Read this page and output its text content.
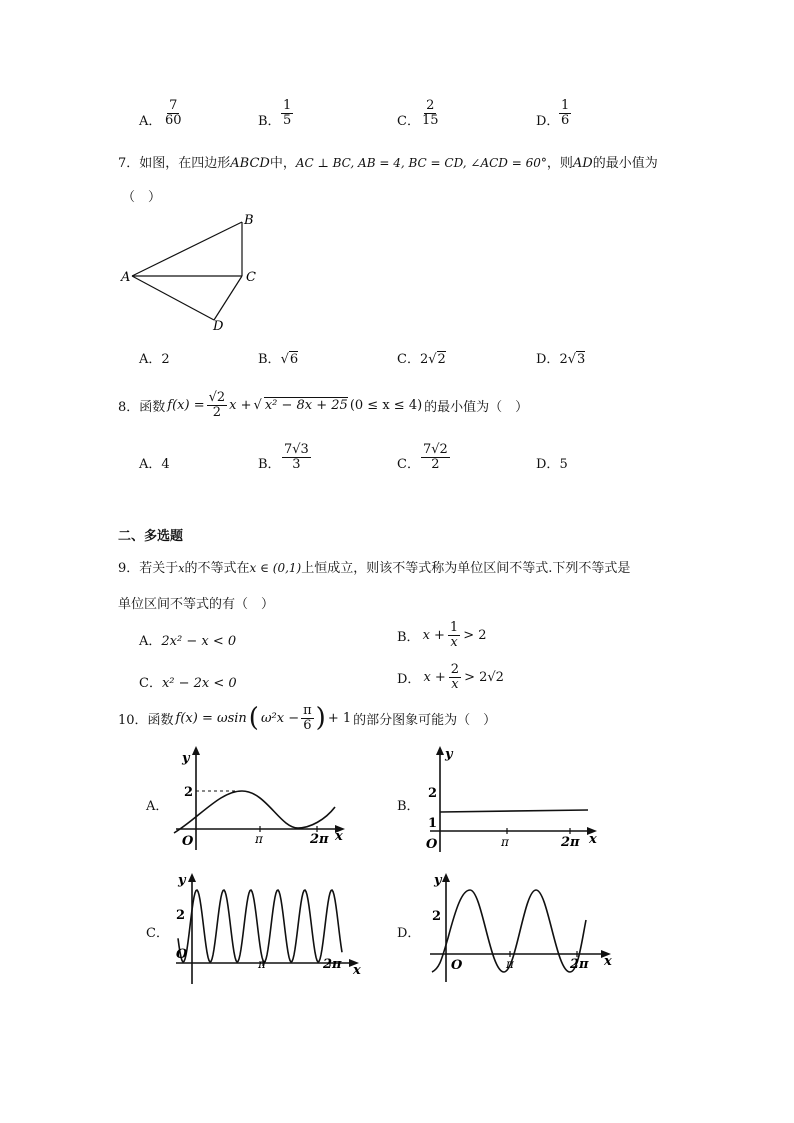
A． $\frac{7}{60}$	B． $\frac{1}{5}$	C． $\frac{2}{15}$	D． $\frac{1}{6}$
7．如图，在四边形ABCD中，AC ⊥ BC, AB = 4, BC = CD, ∠ACD = 60°，则AD的最小值为
（　）
A
B
C
D
A．2	B．√6	C．2√2	D．2√3
8．函数 $f(x) = \frac{√2}{2}$ x + √ x² − 8x + 25 (0 ≤ x ≤ 4) 的最小值为（　）
A．4	B． $\frac{7√3}{3}$	C． $\frac{7√2}{2}$	D．5
二、多选题
9．若关于x的不等式在x ∈ (0,1)上恒成立，则该不等式称为单位区间不等式.下列不等式是
单位区间不等式的有（　）
A．2x² − x < 0	B． $x + \frac{1}{x} > 2$
C．x² − 2x < 0	D． $x + \frac{2}{x} > 2√2$
10．函数 f(x) = ωsin ( $\omega^2x - \frac{\pi}{6}$ ) + 1 的部分图象可能为（　）
A．
y
2
O	π	2π x
B．
y
2
1
O	π	2π x
C．
y
2
O
π	2π x
D．
y
2
O	π	2π x
